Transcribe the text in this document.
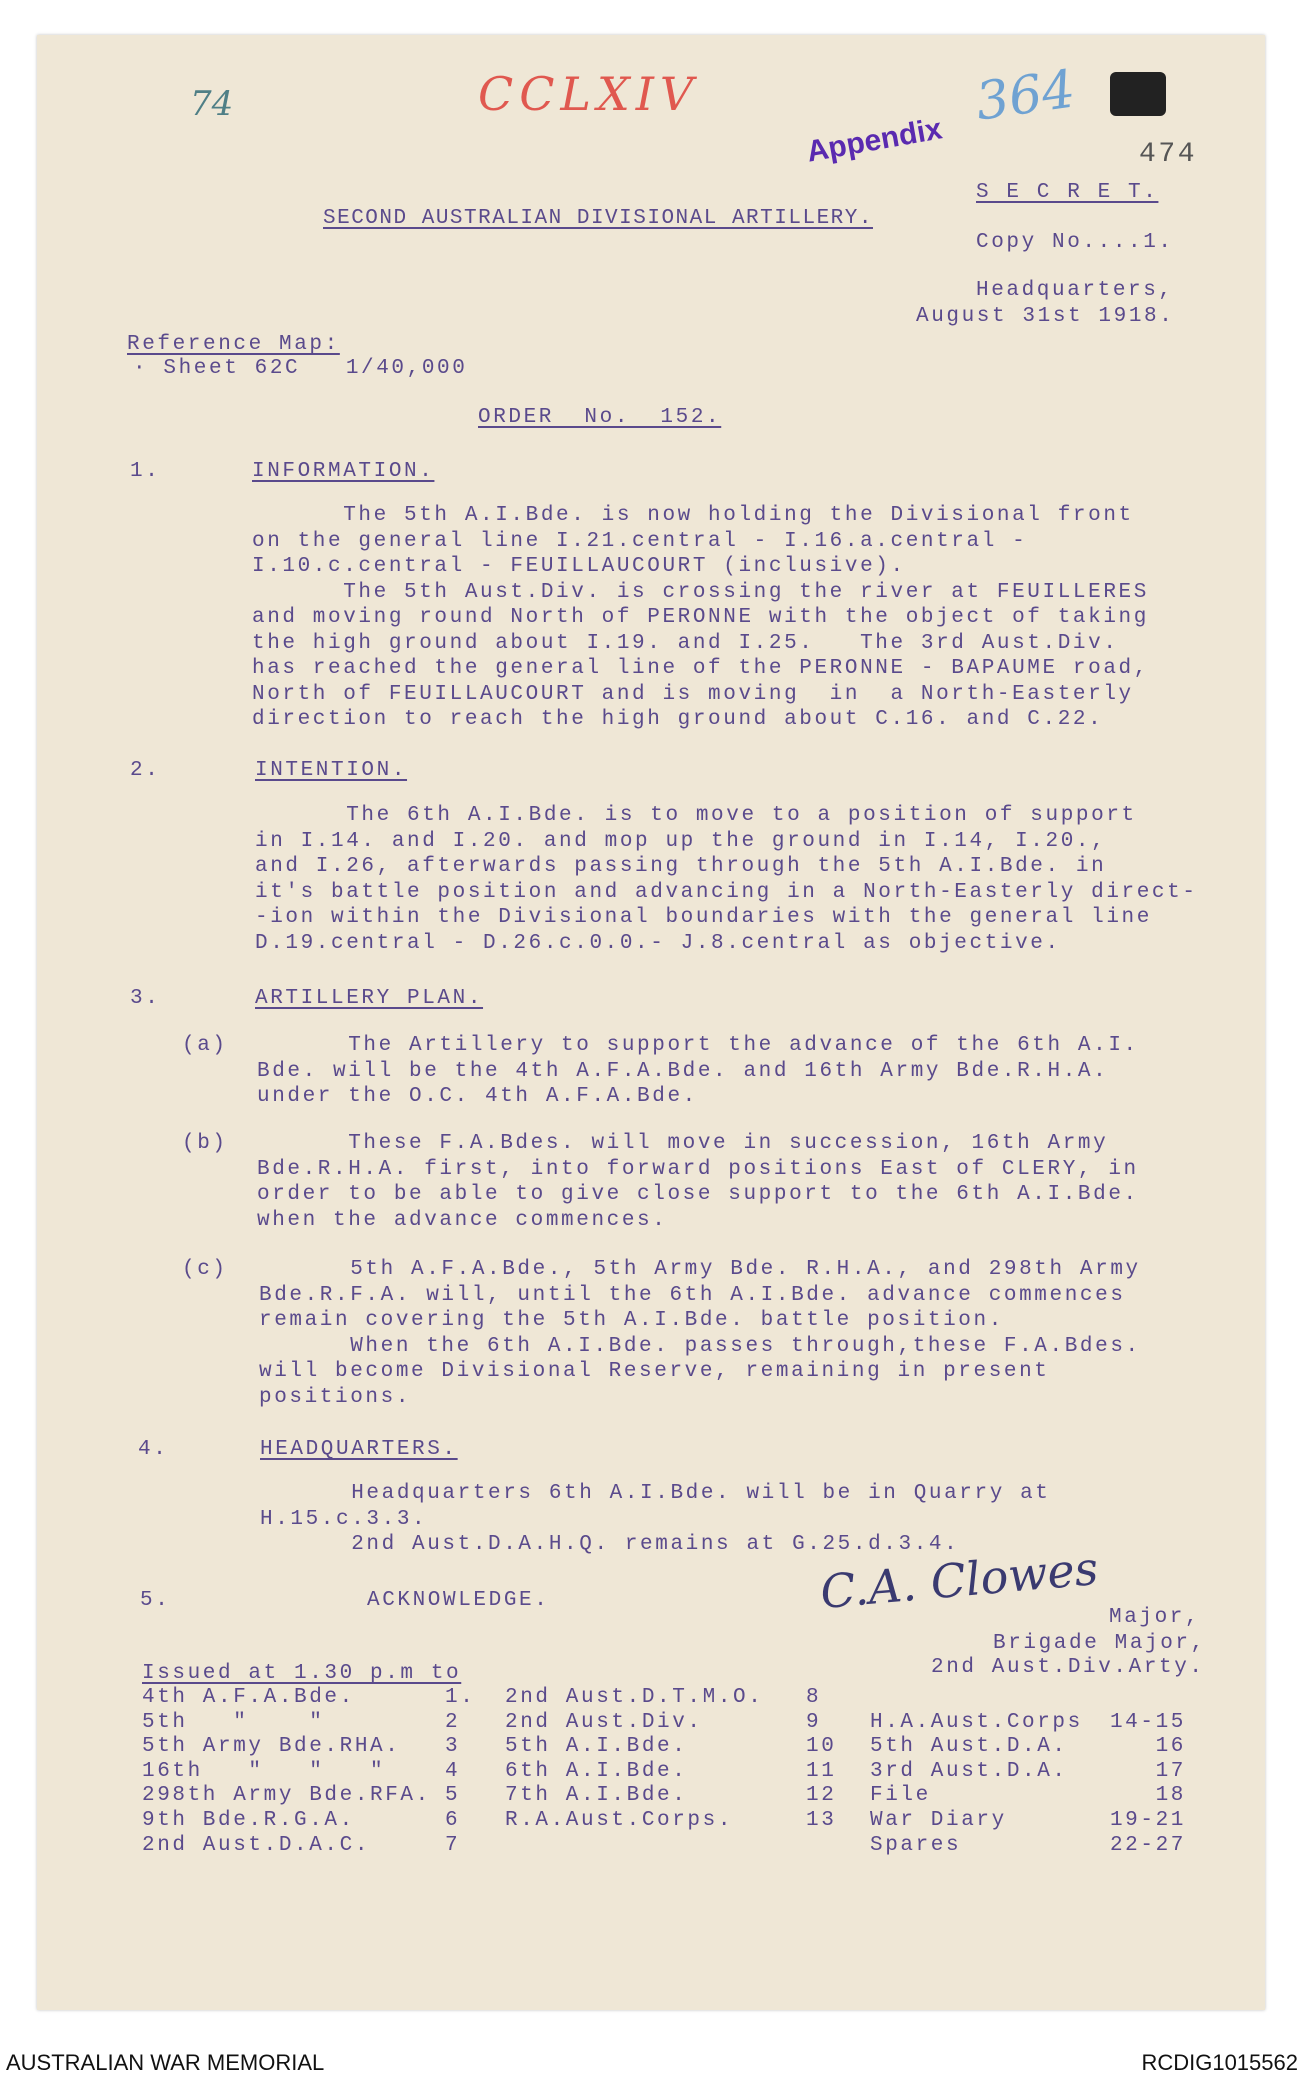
74	CCLXIV
Appendix
364
474
S E C R E T.
SECOND AUSTRALIAN DIVISIONAL ARTILLERY.
Copy No....1.
Headquarters,
August 31st 1918.
Reference Map:
· Sheet 62C   1/40,000
ORDER  No.  152.
1.	INFORMATION.
The 5th A.I.Bde. is now holding the Divisional front
on the general line I.21.central - I.16.a.central -
I.10.c.central - FEUILLAUCOURT (inclusive).
The 5th Aust.Div. is crossing the river at FEUILLERES
and moving round North of PERONNE with the object of taking
the high ground about I.19. and I.25.   The 3rd Aust.Div.
has reached the general line of the PERONNE - BAPAUME road,
North of FEUILLAUCOURT and is moving  in  a North-Easterly
direction to reach the high ground about C.16. and C.22.
2.	INTENTION.
The 6th A.I.Bde. is to move to a position of support
in I.14. and I.20. and mop up the ground in I.14, I.20.,
and I.26, afterwards passing through the 5th A.I.Bde. in
it's battle position and advancing in a North-Easterly direct-
-ion within the Divisional boundaries with the general line
D.19.central - D.26.c.0.0.- J.8.central as objective.
3.	ARTILLERY PLAN.
(a) The Artillery to support the advance of the 6th A.I.
Bde. will be the 4th A.F.A.Bde. and 16th Army Bde.R.H.A.
under the O.C. 4th A.F.A.Bde.
(b) These F.A.Bdes. will move in succession, 16th Army
Bde.R.H.A. first, into forward positions East of CLERY, in
order to be able to give close support to the 6th A.I.Bde.
when the advance commences.
(c) 5th A.F.A.Bde., 5th Army Bde. R.H.A., and 298th Army
Bde.R.F.A. will, until the 6th A.I.Bde. advance commences
remain covering the 5th A.I.Bde. battle position.
When the 6th A.I.Bde. passes through,these F.A.Bdes.
will become Divisional Reserve, remaining in present
positions.
4.	HEADQUARTERS.
Headquarters 6th A.I.Bde. will be in Quarry at
H.15.c.3.3.
2nd Aust.D.A.H.Q. remains at G.25.d.3.4.
5.	ACKNOWLEDGE.	C.A. Clowes Major,
Brigade Major,
2nd Aust.Div.Arty.
Issued at 1.30 p.m to
4th A.F.A.Bde.	1.
5th   "    "	2
5th Army Bde.RHA. 3
16th   "   "   "	4
298th Army Bde.RFA. 5
9th Bde.R.G.A.	6
2nd Aust.D.A.C.	7
2nd Aust.D.T.M.O. 8
2nd Aust.Div.	9
5th A.I.Bde.	10
6th A.I.Bde.	11
7th A.I.Bde.	12
R.A.Aust.Corps.	13
H.A.Aust.Corps 14-15
5th Aust.D.A.	16
3rd Aust.D.A.	17
File	18
War Diary	19-21
Spares	22-27
AUSTRALIAN WAR MEMORIAL	RCDIG1015562
